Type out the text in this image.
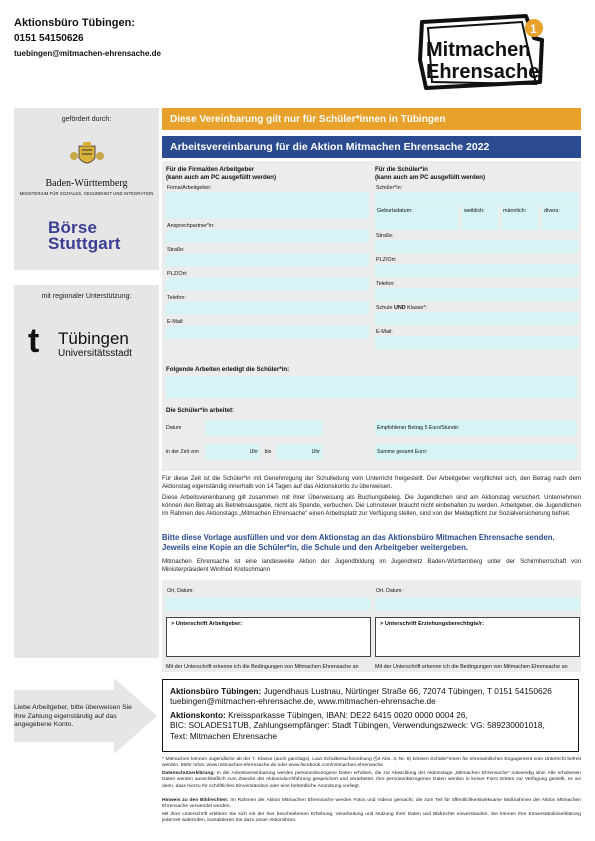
Aktionsbüro Tübingen:
0151 54150626
tuebingen@mitmachen-ehrensache.de
1
Mitmachen
Ehrensache
gefördert durch:
Baden-Württemberg
MINISTERIUM FÜR SOZIALES, GESUNDHEIT UND INTEGRATION
Börse
Stuttgart
mit regionaler Unterstützung:
t Tübingen
Universitätsstadt
Diese Vereinbarung gilt nur für Schüler*innen in Tübingen
Arbeitsvereinbarung für die Aktion Mitmachen Ehrensache 2022
Für die Firma/den Arbeitgeber
(kann auch am PC ausgefüllt werden)
Firma/Arbeitgeber:
Ansprechpartner*in:
Straße:
PLZ/Ort:
Telefon:
E-Mail:
Für die Schüler*in
(kann auch am PC ausgefüllt werden)
Schüler*in:
Geburtsdatum:	weiblich:	männlich:	divers:
Straße:
PLZ/Ort:
Telefon:
Schule UND Klasse*:
E-Mail:
Folgende Arbeiten erledigt die Schüler*in:
Die Schüler*in arbeitet:
Datum	Empfohlener Betrag 5 Euro/Stunde:
in der Zeit von	Uhr	bis	Uhr	Summe gesamt Euro:
Für diese Zeit ist die Schüler*in mit Genehmigung der Schulleitung vom Unterricht freigestellt. Der Arbeitgeber verpflichtet sich, den Betrag nach dem Aktionstag eigenständig innerhalb von 14 Tagen auf das Aktionskonto zu überweisen.
Diese Arbeitsvereinbarung gilt zusammen mit ihrer Überweisung als Buchungsbeleg. Die Jugendlichen sind am Aktionstag versichert. Unternehmen können den Betrag als Betriebsausgabe, nicht als Spende, verbuchen. Die Lohnsteuer braucht nicht einbehalten zu werden. Arbeitgeber, die Jugendlichen im Rahmen des Aktionstags „Mitmachen Ehrensache" einen Arbeitsplatz zur Verfügung stellen, sind von der Meldepflicht zur Sozialversicherung befreit.
Bitte diese Vorlage ausfüllen und vor dem Aktionstag an das Aktionsbüro Mitmachen Ehrensache senden. Jeweils eine Kopie an die Schüler*in, die Schule und den Arbeitgeber weitergeben.
Mitmachen Ehrensache ist eine landesweite Aktion der Jugendbildung im Jugendnetz Baden-Württemberg unter der Schirmherrschaft von Ministerpräsident Winfried Kretschmann
Ort, Datum:
> Unterschrift Arbeitgeber:
Mit der Unterschrift erkenne ich die Bedingungen von Mitmachen Ehrensache an
Ort, Datum:
> Unterschrift Erziehungsberechtigte/r:
Mit der Unterschrift erkenne ich die Bedingungen von Mitmachen Ehrensache an
Liebe Arbeitgeber, bitte überweisen Sie Ihre Zahlung eigenständig auf das angegebene Konto.
Aktionsbüro Tübingen: Jugendhaus Lustnau, Nürtinger Straße 66, 72074 Tübingen, T 0151 54150626
tuebingen@mitmachen-ehrensache.de, www.mitmachen-ehrensache.de
Aktionskonto: Kreissparkasse Tübingen, IBAN: DE22 6415 0020 0000 0004 26,
BIC: SOLADES1TUB, Zahlungsempfänger: Stadt Tübingen, Verwendungszweck: VG: 589230001018,
Text: Mitmachen Ehrensache
* Mitmachen können Jugendliche ab der 7. Klasse (auch ganztags). Laut Schulbesuchsordnung (§4 Abs. 3, Nr. 6) können Schüler*innen für ehrenamtliches Engagement vom Unterricht befreit werden. Mehr Infos: www.mitmachen-ehrensache.de oder www.facebook.com/mitmachen.ehrensache
Datenschutzerklärung: In der Arbeitsvereinbarung werden personenbezogene Daten erhoben, die zur Abwicklung der Aktionstage „Mitmachen Ehrensache" notwendig sind. Alle erhobenen Daten werden ausschließlich zum Zwecke der Aktionsdurchführung gespeichert und verarbeitet. Ihre personenbezogenen Daten werden in keiner Form Dritten zur Verfügung gestellt, es sei denn, dass hierzu Ihr schriftliches Einverständnis oder eine behördliche Anordnung vorliegt.
Hinweis zu den Bildrechten: Im Rahmen der Aktion Mitmachen Ehrensache werden Fotos und Videos gemacht, die zum Teil für öffentlichkeitswirksame Maßnahmen der Aktion Mitmachen Ehrensache verwendet werden.
Mit ihrer Unterschrift erklären Sie sich mit der hier beschriebenen Erhebung, Verarbeitung und Nutzung Ihrer Daten und Bildrechte einverstanden. Sie können Ihre Einverständniserklärung jederzeit widerrufen, kontaktieren Sie dazu unser Aktionsbüro.
